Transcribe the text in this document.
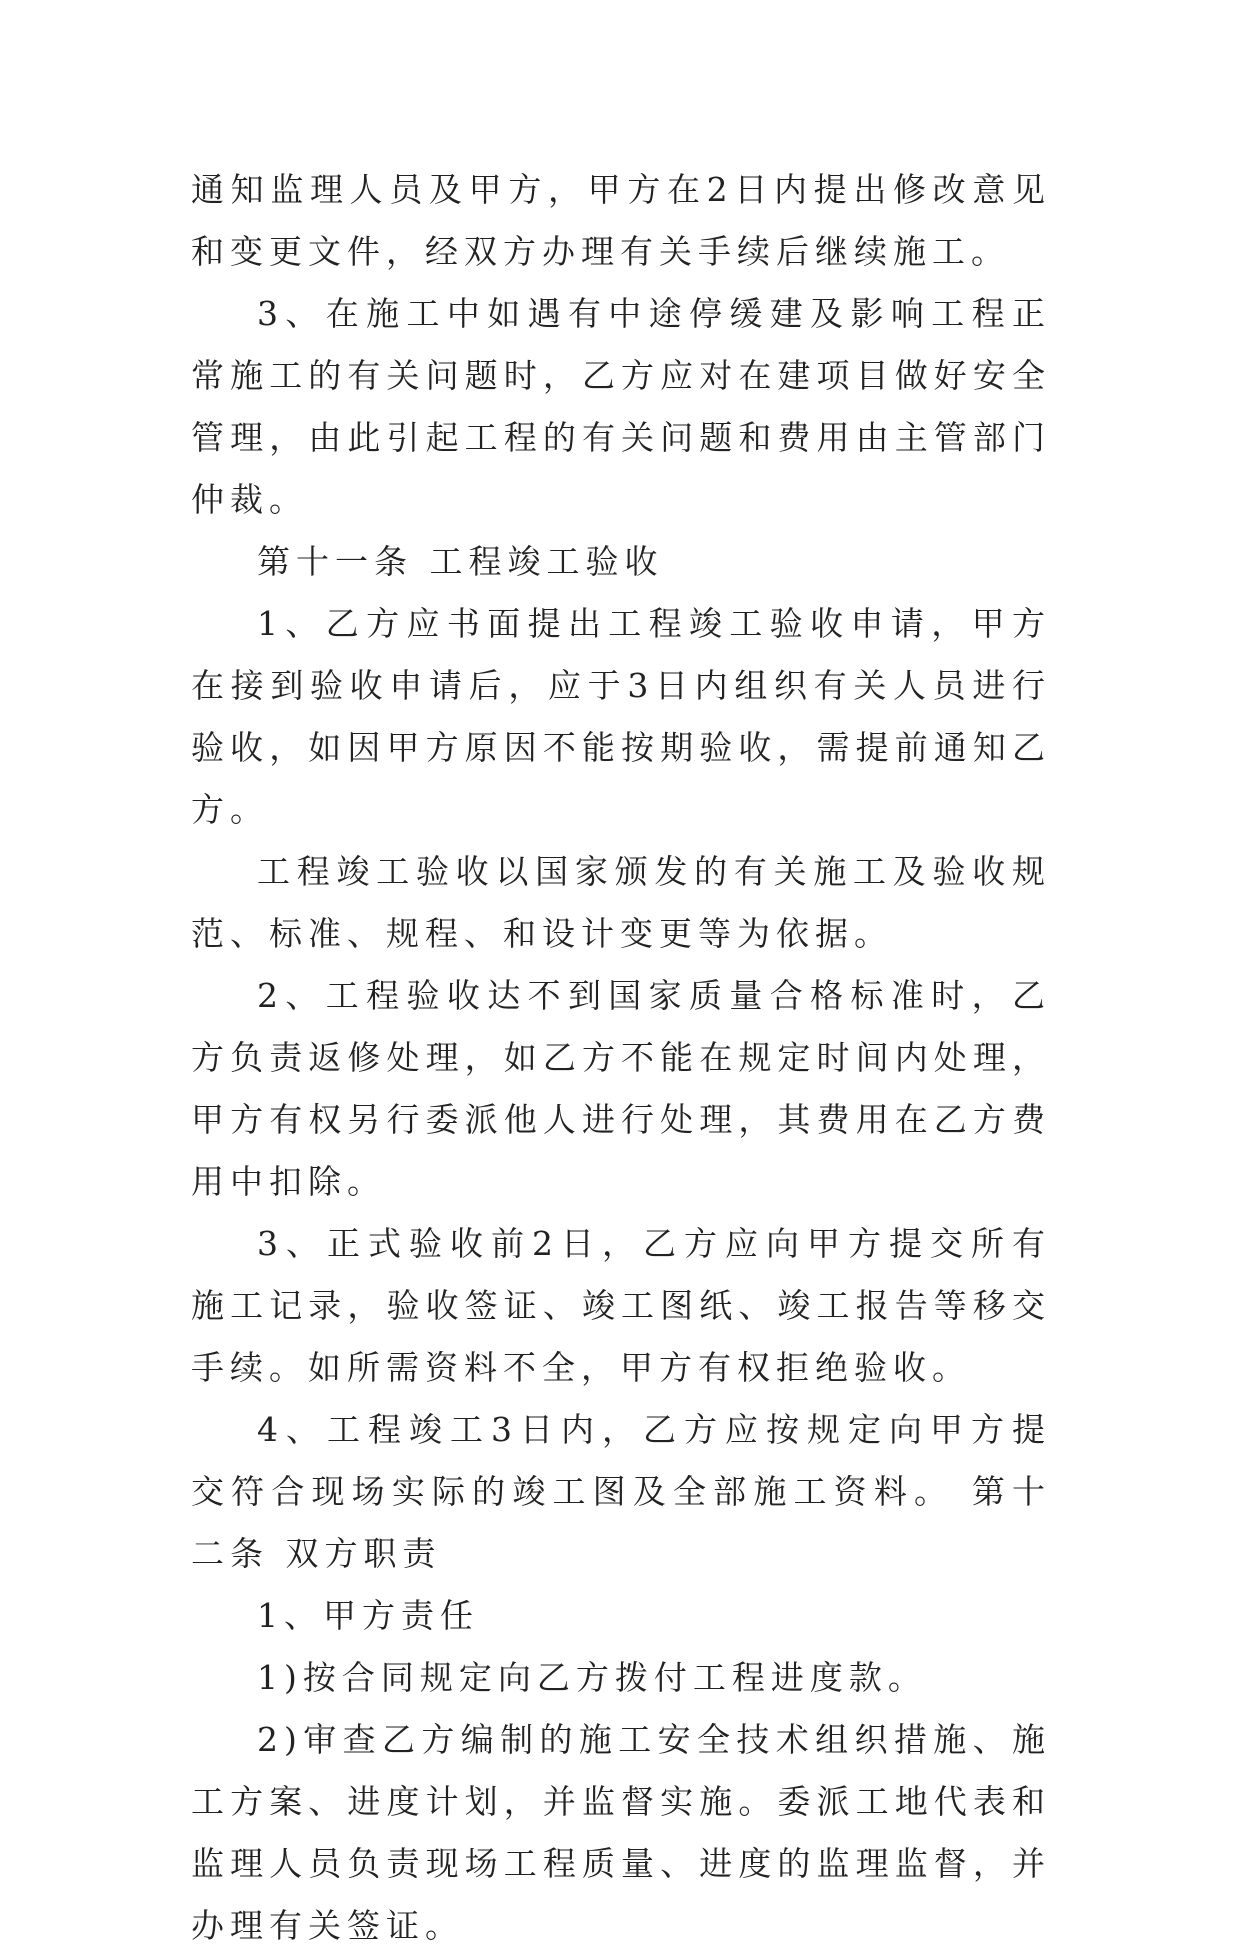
通知监理人员及甲方，甲方在2日内提出修改意见和变更文件，经双方办理有关手续后继续施工。

3、在施工中如遇有中途停缓建及影响工程正常施工的有关问题时，乙方应对在建项目做好安全管理，由此引起工程的有关问题和费用由主管部门仲裁。

第十一条 工程竣工验收

1、乙方应书面提出工程竣工验收申请，甲方在接到验收申请后，应于3日内组织有关人员进行验收，如因甲方原因不能按期验收，需提前通知乙方。

工程竣工验收以国家颁发的有关施工及验收规范、标准、规程、和设计变更等为依据。

2、工程验收达不到国家质量合格标准时，乙方负责返修处理，如乙方不能在规定时间内处理，甲方有权另行委派他人进行处理，其费用在乙方费用中扣除。

3、正式验收前2日，乙方应向甲方提交所有施工记录，验收签证、竣工图纸、竣工报告等移交手续。如所需资料不全，甲方有权拒绝验收。

4、工程竣工3日内，乙方应按规定向甲方提交符合现场实际的竣工图及全部施工资料。 第十二条 双方职责

1、甲方责任

1)按合同规定向乙方拨付工程进度款。

2)审查乙方编制的施工安全技术组织措施、施工方案、进度计划，并监督实施。委派工地代表和监理人员负责现场工程质量、进度的监理监督，并办理有关签证。
